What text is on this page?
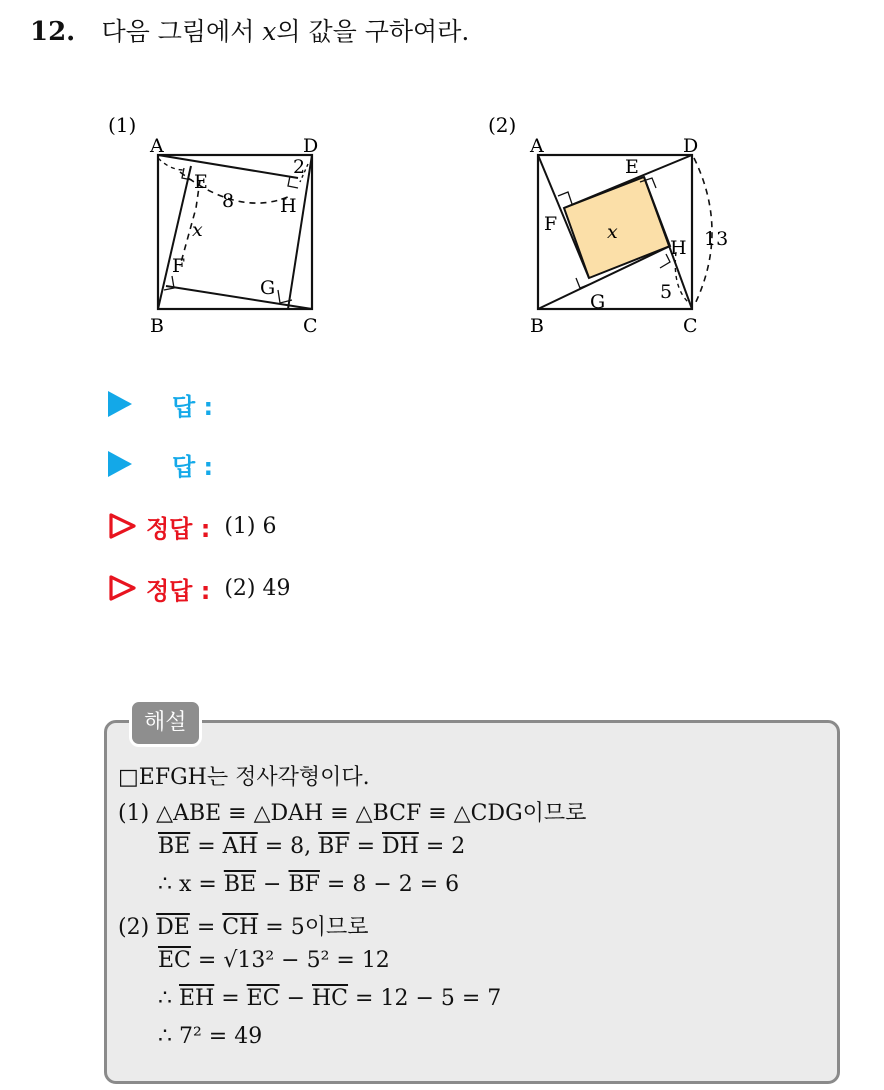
12. 다음 그림에서 x의 값을 구하여라.
(1)
A	D
B	C
E
H
F
G
8
2
x
(2)
A	D
B	C
E
F
G
H
x	13
5
답 :
답 :
정답 : (1) 6
정답 : (2) 49
해설
□EFGH는 정사각형이다.
(1) △ABE ≡ △DAH ≡ △BCF ≡ △CDG이므로
$\overline{BE} = \overline{AH} = 8$, $\overline{BF} = \overline{DH} = 2$
∴ $x = \overline{BE} - \overline{BF} = 8 - 2 = 6$
(2) $\overline{DE} = \overline{CH} = 5$이므로
$\overline{EC} = √13^2 - 5^2 = 12$
∴ $\overline{EH} = \overline{EC} - \overline{HC} = 12 - 5 = 7$
∴ 7² = 49
